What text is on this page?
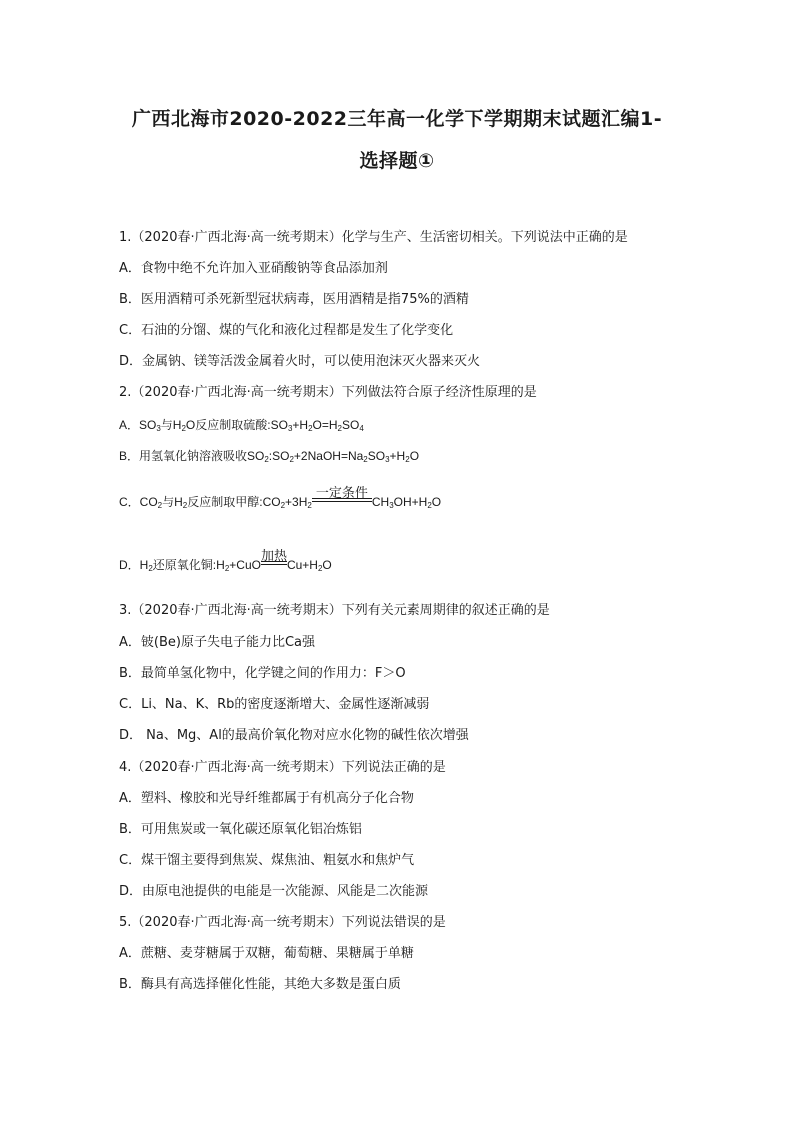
广西北海市2020-2022三年高一化学下学期期末试题汇编1-
选择题①
1.（2020春·广西北海·高一统考期末）化学与生产、生活密切相关。下列说法中正确的是
A．食物中绝不允许加入亚硝酸钠等食品添加剂
B．医用酒精可杀死新型冠状病毒，医用酒精是指75%的酒精
C．石油的分馏、煤的气化和液化过程都是发生了化学变化
D．金属钠、镁等活泼金属着火时，可以使用泡沫灭火器来灭火
2.（2020春·广西北海·高一统考期末）下列做法符合原子经济性原理的是
A．$SO_3$与$H_2O$反应制取硫酸$:SO_3+H_2O=H_2SO_4$
B．用氢氧化钠溶液吸收$SO_2:SO_2+2NaOH=Na_2SO_3+H_2O$
C．$CO_2$与$H_2$反应制取甲醇$:CO_2+3H_2$
一定条件
$CH_3OH+H_2O$
D．$H_2$还原氧化铜$:H_2+CuO$
加热
$Cu+H_2O$
3.（2020春·广西北海·高一统考期末）下列有关元素周期律的叙述正确的是
A．铍(Be)原子失电子能力比Ca强
B．最简单氢化物中，化学键之间的作用力：F＞O
C．Li、Na、K、Rb的密度逐渐增大、金属性逐渐减弱
D． Na、Mg、Al的最高价氧化物对应水化物的碱性依次增强
4.（2020春·广西北海·高一统考期末）下列说法正确的是
A．塑料、橡胶和光导纤维都属于有机高分子化合物
B．可用焦炭或一氧化碳还原氧化铝冶炼铝
C．煤干馏主要得到焦炭、煤焦油、粗氨水和焦炉气
D．由原电池提供的电能是一次能源、风能是二次能源
5.（2020春·广西北海·高一统考期末）下列说法错误的是
A．蔗糖、麦芽糖属于双糖，葡萄糖、果糖属于单糖
B．酶具有高选择催化性能，其绝大多数是蛋白质
